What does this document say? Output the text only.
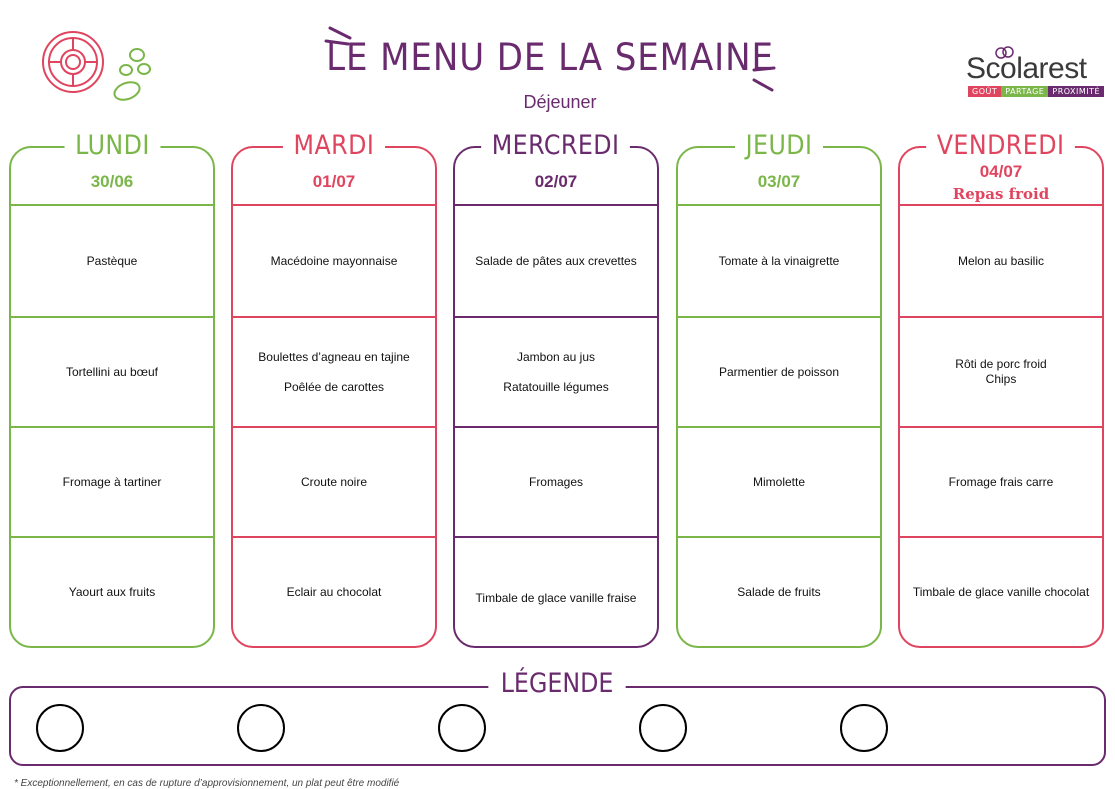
LE MENU DE LA SEMAINE
Déjeuner
Scolarest
GOÛT	PARTAGE	PROXIMITÉ
LUNDI
30/06
Pastèque
Tortellini au bœuf
Fromage à tartiner
Yaourt aux fruits
MARDI
01/07
Macédoine mayonnaise
Boulettes d’agneau en tajine
Poêlée de carottes
Croute noire
Eclair au chocolat
MERCREDI
02/07
Salade de pâtes aux crevettes
Jambon au jus
Ratatouille légumes
Fromages
Timbale de glace vanille fraise
JEUDI
03/07
Tomate à la vinaigrette
Parmentier de poisson
Mimolette
Salade de fruits
VENDREDI
04/07
Repas froid
Melon au basilic
Rôti de porc froid
Chips
Fromage frais carre
Timbale de glace vanille chocolat
LÉGENDE
* Exceptionnellement, en cas de rupture d’approvisionnement, un plat peut être modifié
